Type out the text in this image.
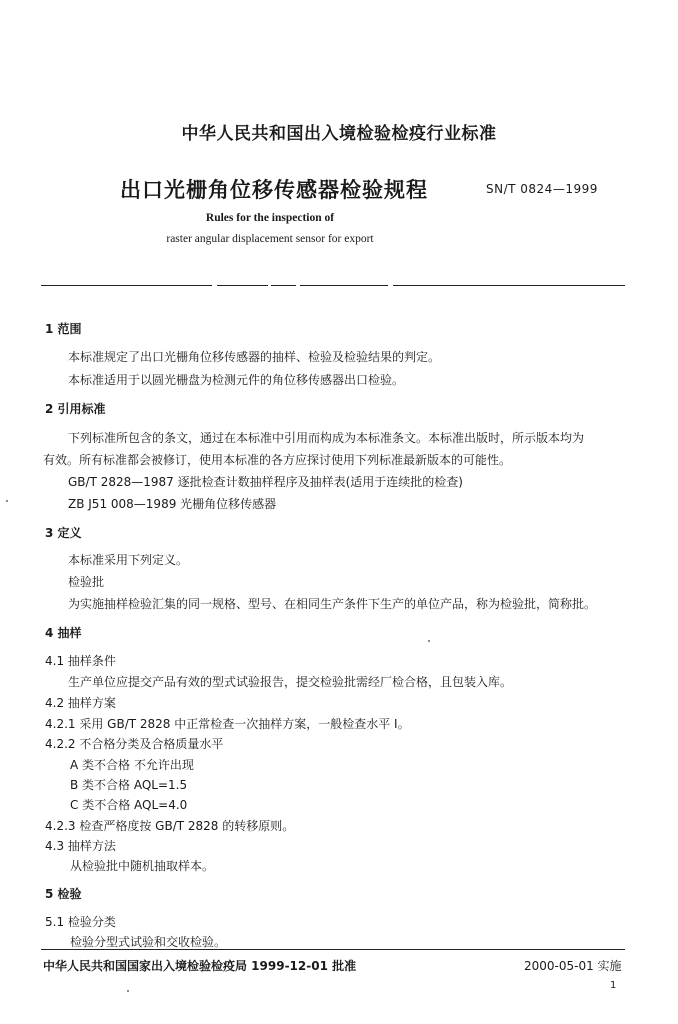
中华人民共和国出入境检验检疫行业标准
出口光栅角位移传感器检验规程	SN/T 0824—1999
Rules for the inspection of
raster angular displacement sensor for export
1 范围
本标准规定了出口光栅角位移传感器的抽样、检验及检验结果的判定。
本标准适用于以圆光栅盘为检测元件的角位移传感器出口检验。
2 引用标准
下列标准所包含的条文，通过在本标准中引用而构成为本标准条文。本标准出版时，所示版本均为
有效。所有标准都会被修订，使用本标准的各方应探讨使用下列标准最新版本的可能性。
GB/T 2828—1987 逐批检查计数抽样程序及抽样表(适用于连续批的检查)
ZB J51 008—1989 光栅角位移传感器
3 定义
本标准采用下列定义。
检验批
为实施抽样检验汇集的同一规格、型号、在相同生产条件下生产的单位产品，称为检验批，简称批。
4 抽样
4.1 抽样条件
生产单位应提交产品有效的型式试验报告，提交检验批需经厂检合格，且包装入库。
4.2 抽样方案
4.2.1 采用 GB/T 2828 中正常检查一次抽样方案，一般检查水平 Ⅰ。
4.2.2 不合格分类及合格质量水平
A 类不合格 不允许出现
B 类不合格 AQL=1.5
C 类不合格 AQL=4.0
4.2.3 检查严格度按 GB/T 2828 的转移原则。
4.3 抽样方法
从检验批中随机抽取样本。
5 检验
5.1 检验分类
检验分型式试验和交收检验。
中华人民共和国国家出入境检验检疫局 1999-12-01 批准	2000-05-01 实施
1
